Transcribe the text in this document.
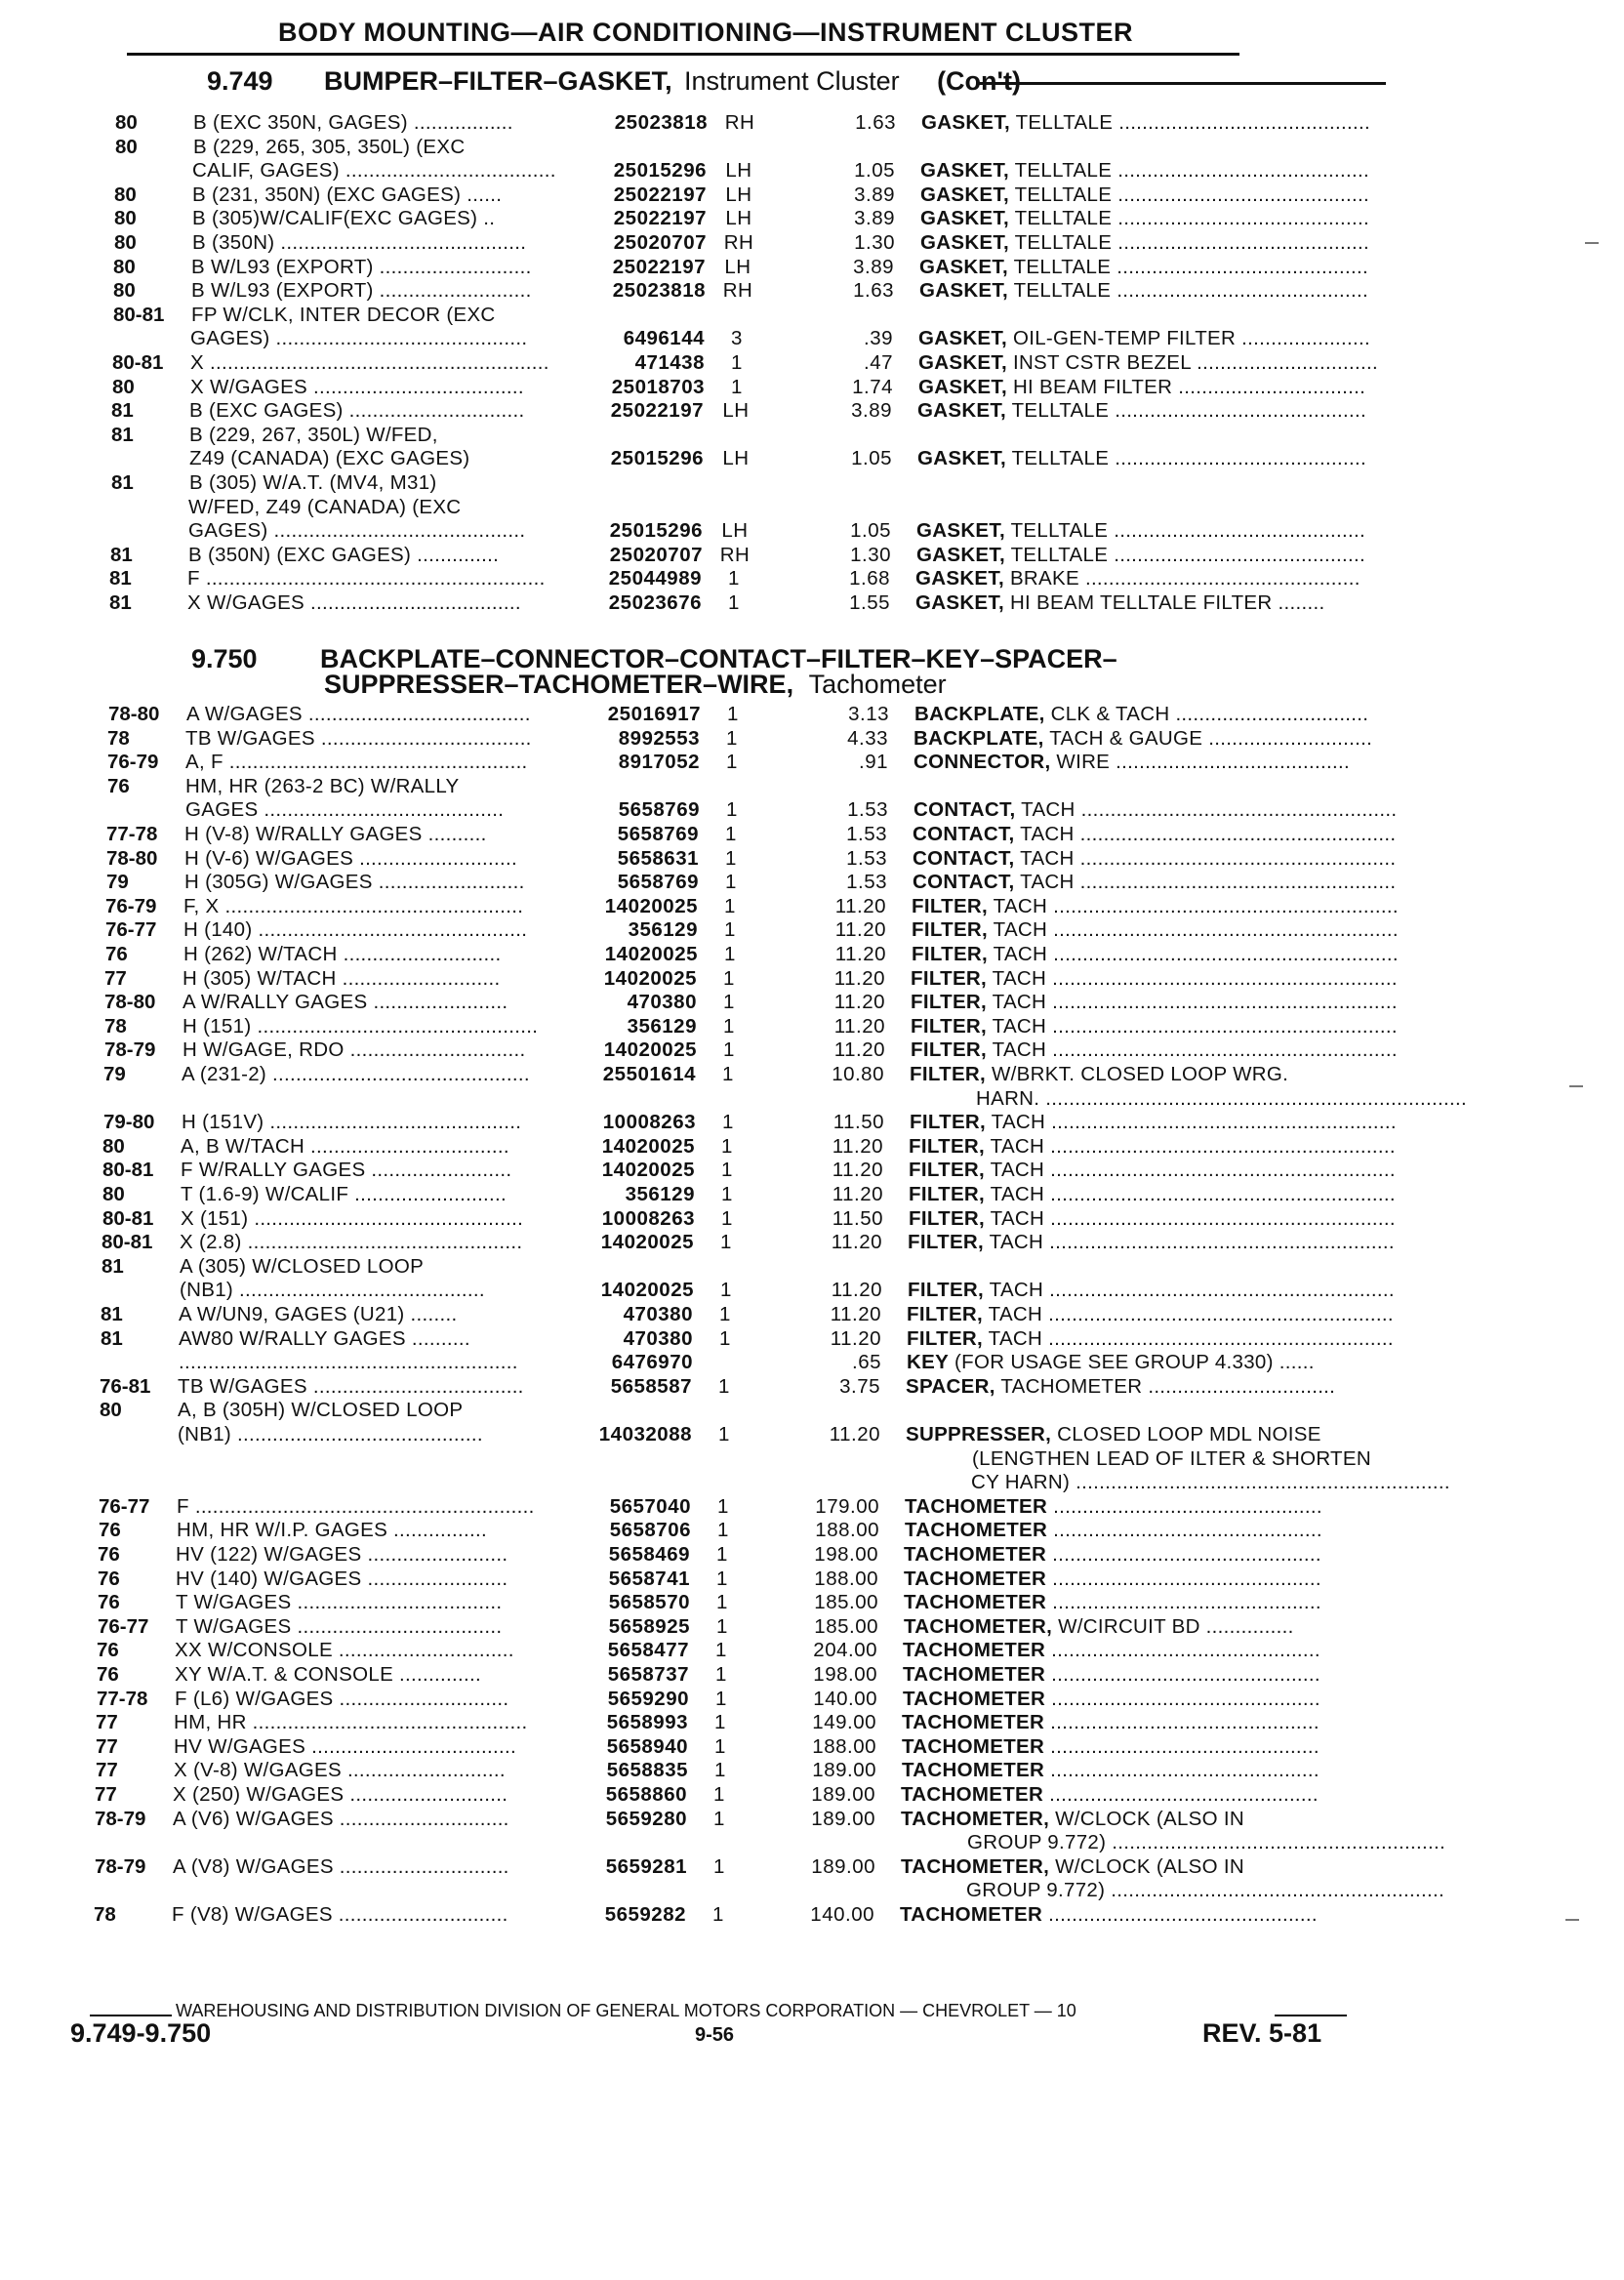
BODY MOUNTING—AIR CONDITIONING—INSTRUMENT CLUSTER
9.749 BUMPER–FILTER–GASKET, Instrument Cluster (Con't)
9.750 BACKPLATE–CONNECTOR–CONTACT–FILTER–KEY–SPACER–
SUPPRESSER–TACHOMETER–WIRE, Tachometer
80	B (EXC 350N, GAGES) .................	25023818 RH	1.63 GASKET, TELLTALE ...........................................
80	B (229, 265, 305, 350L) (EXC
CALIF, GAGES) ....................................	25015296 LH	1.05 GASKET, TELLTALE ...........................................
80	B (231, 350N) (EXC GAGES) ......	25022197 LH	3.89 GASKET, TELLTALE ...........................................
80	B (305)W/CALIF(EXC GAGES) ..	25022197 LH	3.89 GASKET, TELLTALE ...........................................
80	B (350N) ..........................................	25020707 RH	1.30 GASKET, TELLTALE ...........................................
80	B W/L93 (EXPORT) ..........................	25022197 LH	3.89 GASKET, TELLTALE ...........................................
80	B W/L93 (EXPORT) ..........................	25023818 RH	1.63 GASKET, TELLTALE ...........................................
80-81	FP W/CLK, INTER DECOR (EXC
GAGES) ...........................................	6496144	3	.39 GASKET, OIL-GEN-TEMP FILTER ......................
80-81	X ..........................................................	471438	1	.47 GASKET, INST CSTR BEZEL ...............................
80	X W/GAGES ....................................	25018703	1	1.74 GASKET, HI BEAM FILTER ................................
81	B (EXC GAGES) ..............................	25022197 LH	3.89 GASKET, TELLTALE ...........................................
81	B (229, 267, 350L) W/FED,
Z49 (CANADA) (EXC GAGES)	25015296 LH	1.05 GASKET, TELLTALE ...........................................
81	B (305) W/A.T. (MV4, M31)
W/FED, Z49 (CANADA) (EXC
GAGES) ...........................................	25015296 LH	1.05 GASKET, TELLTALE ...........................................
81	B (350N) (EXC GAGES) ..............	25020707 RH	1.30 GASKET, TELLTALE ...........................................
81	F ..........................................................	25044989	1	1.68 GASKET, BRAKE ...............................................
81	X W/GAGES ....................................	25023676	1	1.55 GASKET, HI BEAM TELLTALE FILTER ........
78-80	A W/GAGES ......................................	25016917	1	3.13 BACKPLATE, CLK & TACH .................................
78	TB W/GAGES ....................................	8992553	1	4.33 BACKPLATE, TACH & GAUGE ............................
76-79	A, F ...................................................	8917052	1	.91 CONNECTOR, WIRE ........................................
76	HM, HR (263-2 BC) W/RALLY
GAGES .........................................	5658769	1	1.53 CONTACT, TACH ......................................................
77-78	H (V-8) W/RALLY GAGES ..........	5658769	1	1.53 CONTACT, TACH ......................................................
78-80	H (V-6) W/GAGES ...........................	5658631	1	1.53 CONTACT, TACH ......................................................
79	H (305G) W/GAGES .........................	5658769	1	1.53 CONTACT, TACH ......................................................
76-79	F, X ...................................................	14020025	1	11.20 FILTER, TACH ...........................................................
76-77	H (140) ..............................................	356129	1	11.20 FILTER, TACH ...........................................................
76	H (262) W/TACH ...........................	14020025	1	11.20 FILTER, TACH ...........................................................
77	H (305) W/TACH ...........................	14020025	1	11.20 FILTER, TACH ...........................................................
78-80	A W/RALLY GAGES .......................	470380	1	11.20 FILTER, TACH ...........................................................
78	H (151) ................................................	356129	1	11.20 FILTER, TACH ...........................................................
78-79	H W/GAGE, RDO ..............................	14020025	1	11.20 FILTER, TACH ...........................................................
79	A (231-2) ............................................	25501614	1	10.80 FILTER, W/BRKT. CLOSED LOOP WRG.
HARN. ........................................................................
79-80	H (151V) ...........................................	10008263	1	11.50 FILTER, TACH ...........................................................
80	A, B W/TACH ..................................	14020025	1	11.20 FILTER, TACH ...........................................................
80-81	F W/RALLY GAGES ........................	14020025	1	11.20 FILTER, TACH ...........................................................
80	T (1.6-9) W/CALIF ..........................	356129	1	11.20 FILTER, TACH ...........................................................
80-81	X (151) ..............................................	10008263	1	11.50 FILTER, TACH ...........................................................
80-81	X (2.8) ...............................................	14020025	1	11.20 FILTER, TACH ...........................................................
81	A (305) W/CLOSED LOOP
(NB1) ..........................................	14020025	1	11.20 FILTER, TACH ...........................................................
81	A W/UN9, GAGES (U21) ........	470380	1	11.20 FILTER, TACH ...........................................................
81	AW80 W/RALLY GAGES ..........	470380	1	11.20 FILTER, TACH ...........................................................
..........................................................	6476970	.65 KEY (FOR USAGE SEE GROUP 4.330) ......
76-81	TB W/GAGES ....................................	5658587	1	3.75 SPACER, TACHOMETER ................................
80	A, B (305H) W/CLOSED LOOP
(NB1) ..........................................	14032088	1	11.20 SUPPRESSER, CLOSED LOOP MDL NOISE
(LENGTHEN LEAD OF ILTER & SHORTEN
CY HARN) ................................................................
76-77	F ..........................................................	5657040	1	179.00 TACHOMETER ..............................................
76	HM, HR W/I.P. GAGES ................	5658706	1	188.00 TACHOMETER ..............................................
76	HV (122) W/GAGES ........................	5658469	1	198.00 TACHOMETER ..............................................
76	HV (140) W/GAGES ........................	5658741	1	188.00 TACHOMETER ..............................................
76	T W/GAGES ...................................	5658570	1	185.00 TACHOMETER ..............................................
76-77	T W/GAGES ...................................	5658925	1	185.00 TACHOMETER, W/CIRCUIT BD ...............
76	XX W/CONSOLE ..............................	5658477	1	204.00 TACHOMETER ..............................................
76	XY W/A.T. & CONSOLE ..............	5658737	1	198.00 TACHOMETER ..............................................
77-78	F (L6) W/GAGES .............................	5659290	1	140.00 TACHOMETER ..............................................
77	HM, HR ...............................................	5658993	1	149.00 TACHOMETER ..............................................
77	HV W/GAGES ...................................	5658940	1	188.00 TACHOMETER ..............................................
77	X (V-8) W/GAGES ...........................	5658835	1	189.00 TACHOMETER ..............................................
77	X (250) W/GAGES ...........................	5658860	1	189.00 TACHOMETER ..............................................
78-79	A (V6) W/GAGES .............................	5659280	1	189.00 TACHOMETER, W/CLOCK (ALSO IN
GROUP 9.772) .........................................................
78-79	A (V8) W/GAGES .............................	5659281	1	189.00 TACHOMETER, W/CLOCK (ALSO IN
GROUP 9.772) .........................................................
78	F (V8) W/GAGES .............................	5659282	1	140.00 TACHOMETER ..............................................
WAREHOUSING AND DISTRIBUTION DIVISION OF GENERAL MOTORS CORPORATION — CHEVROLET — 10
9.749-9.750	9-56	REV. 5-81
